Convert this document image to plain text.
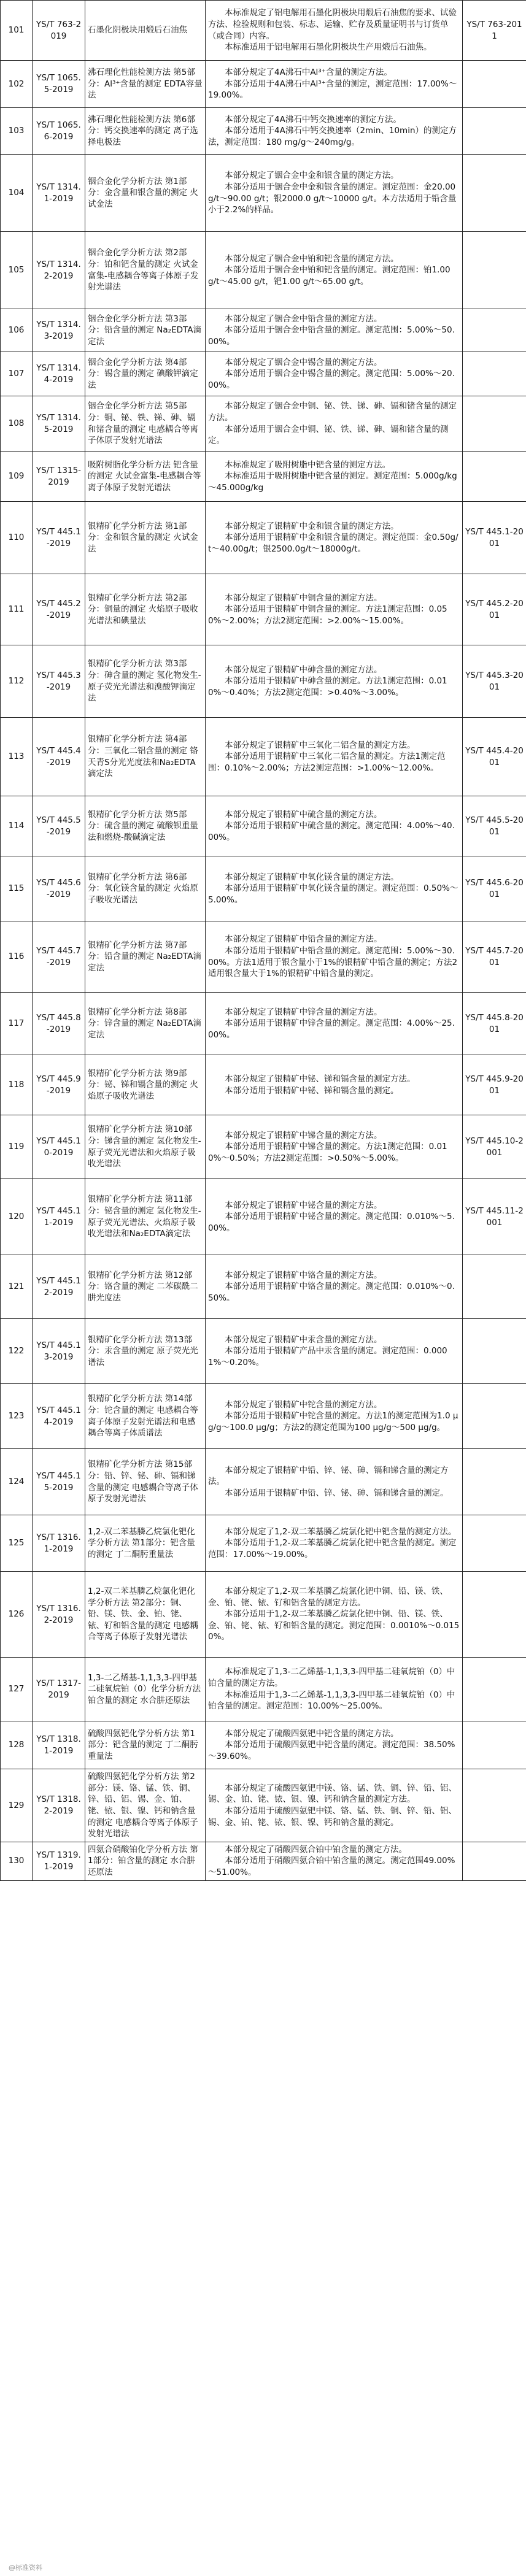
101	YS/T 763-2019	石墨化阴极块用煅后石油焦	本标准规定了铝电解用石墨化阴极块用煅后石油焦的要求、试验方法、检验规则和包装、标志、运输、贮存及质量证明书与订货单（或合同）内容。
本标准适用于铝电解用石墨化阴极块生产用煅后石油焦。	YS/T 763-2011
102	YS/T 1065.5-2019	沸石理化性能检测方法 第5部分：Al³⁺含量的测定 EDTA容量法	本部分规定了4A沸石中Al³⁺含量的测定方法。
本部分适用于4A沸石中Al³⁺含量的测定，测定范围：17.00%～19.00%。	

103	YS/T 1065.6-2019	沸石理化性能检测方法 第6部分：钙交换速率的测定 离子选择电极法	本部分规定了4A沸石中钙交换速率的测定方法。
本部分适用于4A沸石中钙交换速率（2min、10min）的测定方法，测定范围：180 mg/g～240mg/g。	

104	YS/T 1314.1-2019	铟合金化学分析方法 第1部分：金含量和银含量的测定 火试金法	本部分规定了铟合金中金和银含量的测定方法。
本部分适用于铟合金中金和银含量的测定。测定范围：金20.00 g/t～90.00 g/t；银2000.0 g/t～10000 g/t。本方法适用于铅含量小于2.2%的样品。	

105	YS/T 1314.2-2019	铟合金化学分析方法 第2部分：铂和钯含量的测定 火试金富集-电感耦合等离子体原子发射光谱法	本部分规定了铟合金中铂和钯含量的测定方法。
本部分适用于铟合金中铂和钯含量的测定。测定范围：铂1.00 g/t～45.00 g/t，钯1.00 g/t～65.00 g/t。	

106	YS/T 1314.3-2019	铟合金化学分析方法 第3部分：铅含量的测定 Na₂EDTA滴定法	本部分规定了铟合金中铅含量的测定方法。
本部分适用于铟合金中铅含量的测定。测定范围：5.00%～50.00%。	

107	YS/T 1314.4-2019	铟合金化学分析方法 第4部分：锡含量的测定 碘酸钾滴定法	本部分规定了铟合金中锡含量的测定方法。
本部分适用于铟合金中锡含量的测定。测定范围：5.00%～20.00%。	

108	YS/T 1314.5-2019	铟合金化学分析方法 第5部分：铜、铋、铁、锑、砷、镉和锗含量的测定 电感耦合等离子体原子发射光谱法	本部分规定了铟合金中铜、铋、铁、锑、砷、镉和锗含量的测定方法。
本部分适用于铟合金中铜、铋、铁、锑、砷、镉和锗含量的测定。	

109	YS/T 1315-2019	吸附树脂化学分析方法 钯含量的测定 火试金富集-电感耦合等离子体原子发射光谱法	本标准规定了吸附树脂中钯含量的测定方法。
本标准适用于吸附树脂中钯含量的测定。测定范围：5.000g/kg～45.000g/kg	

110	YS/T 445.1-2019	银精矿化学分析方法 第1部分：金和银含量的测定 火试金法	本部分规定了银精矿中金和银含量的测定方法。
本部分适用于银精矿中金和银含量的测定。测定范围：金0.50g/t～40.00g/t；银2500.0g/t～18000g/t。	YS/T 445.1-2001
111	YS/T 445.2-2019	银精矿化学分析方法 第2部分：铜量的测定 火焰原子吸收光谱法和碘量法	本部分规定了银精矿中铜含量的测定方法。
本部分适用于银精矿中铜含量的测定。方法1测定范围：0.050%～2.00%；方法2测定范围：>2.00%～15.00%。	YS/T 445.2-2001
112	YS/T 445.3-2019	银精矿化学分析方法 第3部分：砷含量的测定 氢化物发生-原子荧光光谱法和溴酸钾滴定法	本部分规定了银精矿中砷含量的测定方法。
本部分适用于银精矿中砷含量的测定。方法1测定范围：0.010%～0.40%；方法2测定范围：>0.40%～3.00%。	YS/T 445.3-2001
113	YS/T 445.4-2019	银精矿化学分析方法 第4部分：三氧化二铝含量的测定 铬天青S分光光度法和Na₂EDTA滴定法	本部分规定了银精矿中三氧化二铝含量的测定方法。
本部分适用于银精矿中三氧化二铝含量的测定。方法1测定范围：0.10%～2.00%；方法2测定范围：>1.00%～12.00%。	YS/T 445.4-2001
114	YS/T 445.5-2019	银精矿化学分析方法 第5部分：硫含量的测定 硫酸钡重量法和燃烧-酸碱滴定法	本部分规定了银精矿中硫含量的测定方法。
本部分适用于银精矿中硫含量的测定。测定范围：4.00%～40.00%。	YS/T 445.5-2001
115	YS/T 445.6-2019	银精矿化学分析方法 第6部分：氧化镁含量的测定 火焰原子吸收光谱法	本部分规定了银精矿中氧化镁含量的测定方法。
本部分适用于银精矿中氧化镁含量的测定。测定范围：0.50%～5.00%。	YS/T 445.6-2001
116	YS/T 445.7-2019	银精矿化学分析方法 第7部分：铅含量的测定 Na₂EDTA滴定法	本部分规定了银精矿中铅含量的测定方法。
本部分适用于银精矿中铅含量的测定。测定范围：5.00%～30.00%。方法1适用于银含量小于1%的银精矿中铅含量的测定；方法2适用银含量大于1%的银精矿中铅含量的测定。	YS/T 445.7-2001
117	YS/T 445.8-2019	银精矿化学分析方法 第8部分：锌含量的测定 Na₂EDTA滴定法	本部分规定了银精矿中锌含量的测定方法。
本部分适用于银精矿中锌含量的测定。测定范围：4.00%～25.00%。	YS/T 445.8-2001
118	YS/T 445.9-2019	银精矿化学分析方法 第9部分：铋、锑和镉含量的测定 火焰原子吸收光谱法	本部分规定了银精矿中铋、锑和镉含量的测定方法。
本部分适用于银精矿中铋、锑和镉含量的测定。	YS/T 445.9-2001
119	YS/T 445.10-2019	银精矿化学分析方法 第10部分：锑含量的测定 氢化物发生-原子荧光光谱法和火焰原子吸收光谱法	本部分规定了银精矿中锑含量的测定方法。
本部分适用于银精矿中锑含量的测定。方法1测定范围：0.010%～0.50%；方法2测定范围：>0.50%～5.00%。	YS/T 445.10-2001
120	YS/T 445.11-2019	银精矿化学分析方法 第11部分：铋含量的测定 氢化物发生-原子荧光光谱法、火焰原子吸收光谱法和Na₂EDTA滴定法	本部分规定了银精矿中铋含量的测定方法。
本部分适用于银精矿中铋含量的测定。测定范围：0.010%～5.00%。	YS/T 445.11-2001
121	YS/T 445.12-2019	银精矿化学分析方法 第12部分：铬含量的测定 二苯碳酰二肼光度法	本部分规定了银精矿中铬含量的测定方法。
本部分适用于银精矿中铬含量的测定。测定范围：0.010%～0.50%。	

122	YS/T 445.13-2019	银精矿化学分析方法 第13部分：汞含量的测定 原子荧光光谱法	本部分规定了银精矿中汞含量的测定方法。
本部分适用于银精矿产品中汞含量的测定。测定范围：0.0001%～0.20%。	

123	YS/T 445.14-2019	银精矿化学分析方法 第14部分：铊含量的测定 电感耦合等离子体原子发射光谱法和电感耦合等离子体质谱法	本部分规定了银精矿中铊含量的测定方法。
本部分适用于银精矿中铊含量的测定。方法1的测定范围为1.0 μg/g～100.0 μg/g；方法2的测定范围为100 μg/g～500 μg/g。	

124	YS/T 445.15-2019	银精矿化学分析方法 第15部分：铅、锌、铋、砷、镉和锑含量的测定 电感耦合等离子体原子发射光谱法	本部分规定了银精矿中铅、锌、铋、砷、镉和锑含量的测定方法。
本部分适用于银精矿中铅、锌、铋、砷、镉和锑含量的测定。	

125	YS/T 1316.1-2019	1,2-双二苯基膦乙烷氯化钯化学分析方法 第1部分：钯含量的测定 丁二酮肟重量法	本部分规定了1,2-双二苯基膦乙烷氯化钯中钯含量的测定方法。
本部分适用于1,2-双二苯基膦乙烷氯化钯中钯含量的测定。测定范围：17.00%～19.00%。	

126	YS/T 1316.2-2019	1,2-双二苯基膦乙烷氯化钯化学分析方法 第2部分：铜、铅、镁、铁、金、铂、铑、铱、钌和铝含量的测定 电感耦合等离子体原子发射光谱法	本部分规定了1,2-双二苯基膦乙烷氯化钯中铜、铅、镁、铁、金、铂、铑、铱、钌和铝含量的测定方法。
本部分适用于1,2-双二苯基膦乙烷氯化钯中铜、铅、镁、铁、金、铂、铑、铱、钌和铝含量的测定。测定范围：0.0010%～0.0150%。	

127	YS/T 1317-2019	1,3-二乙烯基-1,1,3,3-四甲基二硅氧烷铂（0）化学分析方法 铂含量的测定 水合肼还原法	本标准规定了1,3-二乙烯基-1,1,3,3-四甲基二硅氧烷铂（0）中铂含量的测定方法。
本标准适用于1,3-二乙烯基-1,1,3,3-四甲基二硅氧烷铂（0）中铂含量的测定。测定范围：10.00%～25.00%。	

128	YS/T 1318.1-2019	硫酸四氨钯化学分析方法 第1部分：钯含量的测定 丁二酮肟重量法	本部分规定了硫酸四氨钯中钯含量的测定方法。
本部分适用于硫酸四氨钯中钯含量的测定。测定范围：38.50%～39.60%。	

129	YS/T 1318.2-2019	硫酸四氨钯化学分析方法 第2部分：镁、铬、锰、铁、铜、锌、铅、铝、锡、金、铂、铑、铱、银、镍、钙和钠含量的测定 电感耦合等离子体原子发射光谱法	本部分规定了硫酸四氨钯中镁、铬、锰、铁、铜、锌、铅、铝、锡、金、铂、铑、铱、银、镍、钙和钠含量的测定方法。
本部分适用于硫酸四氨钯中镁、铬、锰、铁、铜、锌、铅、铝、锡、金、铂、铑、铱、银、镍、钙和钠含量的测定。	

130	YS/T 1319.1-2019	四氨合硝酸铂化学分析方法 第1部分：铂含量的测定 水合肼还原法	本部分规定了硝酸四氨合铂中铂含量的测定方法。
本部分适用于硝酸四氨合铂中铂含量的测定。测定范围49.00%～51.00%。	

@标准资料
